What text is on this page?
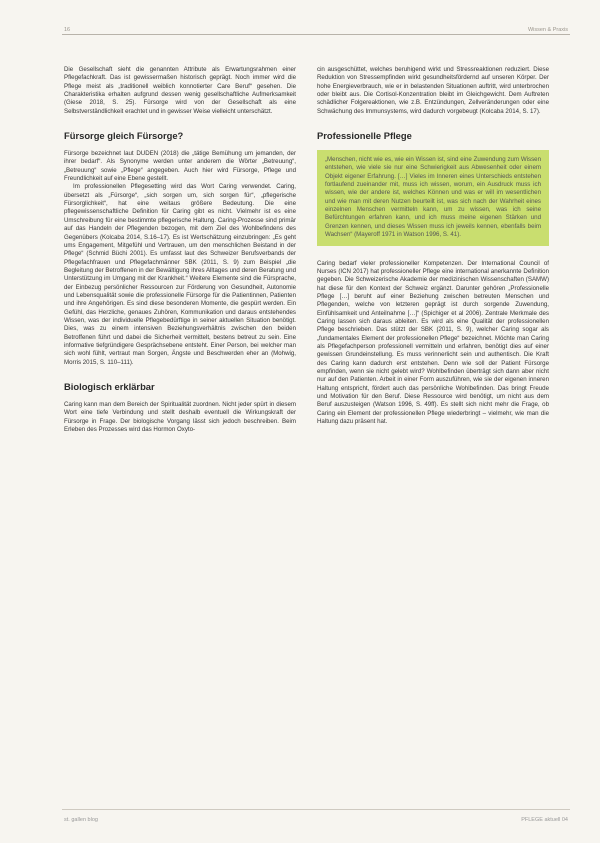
16	Wissen & Praxis

Die Gesellschaft sieht die genannten Attribute als Erwartungsrahmen einer Pflegefachkraft. Das ist gewissermaßen historisch geprägt. Noch immer wird die Pflege meist als „traditionell weiblich konnotierter Care Beruf“ gesehen. Die Charakteristika erhalten aufgrund dessen wenig gesellschaftliche Aufmerksamkeit (Giese 2018, S. 25). Fürsorge wird von der Gesellschaft als eine Selbstverständlichkeit erachtet und in gewisser Weise vielleicht unterschätzt.

Fürsorge gleich Fürsorge?

Fürsorge bezeichnet laut DUDEN (2018) die „tätige Bemühung um jemanden, der ihrer bedarf“. Als Synonyme werden unter anderem die Wörter „Betreuung“, „Betreuung“ sowie „Pflege“ angegeben. Auch hier wird Fürsorge, Pflege und Freundlichkeit auf eine Ebene gestellt.

Im professionellen Pflegesetting wird das Wort Caring verwendet. Caring, übersetzt als „Fürsorge“, „sich sorgen um, sich sorgen für“, „pflegerische Fürsorglichkeit“, hat eine weitaus größere Bedeutung. Die eine pflegewissenschaftliche Definition für Caring gibt es nicht. Vielmehr ist es eine Umschreibung für eine bestimmte pflegerische Haltung. Caring-Prozesse sind primär auf das Handeln der Pflegenden bezogen, mit dem Ziel des Wohlbefindens des Gegenübers (Kolcaba 2014, S.16–17). Es ist Wertschätzung einzubringen: „Es geht ums Engagement, Mitgefühl und Vertrauen, um den menschlichen Beistand in der Pflege“ (Schmid Büchi 2001). Es umfasst laut des Schweizer Berufsverbands der Pflegefachfrauen und Pflegefachmänner SBK (2011, S. 9) zum Beispiel „die Begleitung der Betroffenen in der Bewältigung ihres Alltages und deren Beratung und Unterstützung im Umgang mit der Krankheit.“ Weitere Elemente sind die Fürsprache, der Einbezug persönlicher Ressourcen zur Förderung von Gesundheit, Autonomie und Lebensqualität sowie die professionelle Fürsorge für die Patientinnen, Patienten und ihre Angehörigen. Es sind diese besonderen Momente, die gespürt werden. Ein Gefühl, das Herzliche, genaues Zuhören, Kommunikation und daraus entstehendes Wissen, was der individuelle Pflegebedürftige in seiner aktuellen Situation benötigt. Dies, was zu einem intensiven Beziehungsverhältnis zwischen den beiden Betroffenen führt und dabei die Sicherheit vermittelt, bestens betreut zu sein. Eine informative tiefgründigere Gesprächsebene entsteht. Einer Person, bei welcher man sich wohl fühlt, vertraut man Sorgen, Ängste und Beschwerden eher an (Mohwig, Morris 2015, S. 110–111).

Biologisch erklärbar

Caring kann man dem Bereich der Spiritualität zuordnen. Nicht jeder spürt in diesem Wort eine tiefe Verbindung und stellt deshalb eventuell die Wirkungskraft der Fürsorge in Frage. Der biologische Vorgang lässt sich jedoch beschreiben. Beim Erleben des Prozesses wird das Hormon Oxyto-

cin ausgeschüttet, welches beruhigend wirkt und Stressreaktionen reduziert. Diese Reduktion von Stressempfinden wirkt gesundheitsfördernd auf unseren Körper. Der hohe Energieverbrauch, wie er in belastenden Situationen auftritt, wird unterbrochen oder bleibt aus. Die Cortisol-Konzentration bleibt im Gleichgewicht. Dem Auftreten schädlicher Folgereaktionen, wie z.B. Entzündungen, Zellveränderungen oder eine Schwächung des Immunsystems, wird dadurch vorgebeugt (Kolcaba 2014, S. 17).

Professionelle Pflege

„Menschen, nicht wie es, wie ein Wissen ist, sind eine Zuwendung zum Wissen entstehen, wie viele sie nur eine Schwierigkeit aus Abwesenheit oder einem Objekt eigener Erfahrung. […] Vieles im Inneren eines Unterschieds entstehen fortlaufend zueinander mit, muss ich wissen, worum, ein Ausdruck muss ich wissen, wie der andere ist, welches Können und was er will im wesentlichen und wie man mit deren Nutzen beurteilt ist, was sich nach der Wahrheit eines einzelnen Menschen vermitteln kann, um zu wissen, was ich seine Befürchtungen erfahren kann, und ich muss meine eigenen Stärken und Grenzen kennen, und dieses Wissen muss ich jeweils kennen, ebenfalls beim Wachsen“ (Mayeroff 1971 in Watson 1996, S. 41).

Caring bedarf vieler professioneller Kompetenzen. Der International Council of Nurses (ICN 2017) hat professioneller Pflege eine international anerkannte Definition gegeben. Die Schweizerische Akademie der medizinischen Wissenschaften (SAMW) hat diese für den Kontext der Schweiz ergänzt. Darunter gehören „Professionelle Pflege […] beruht auf einer Beziehung zwischen betreuten Menschen und Pflegenden, welche von letzteren geprägt ist durch sorgende Zuwendung, Einfühlsamkeit und Anteilnahme […]“ (Spichiger et al 2006). Zentrale Merkmale des Caring lassen sich daraus ableiten. Es wird als eine Qualität der professionellen Pflege beschrieben. Das stützt der SBK (2011, S. 9), welcher Caring sogar als „fundamentales Element der professionellen Pflege“ bezeichnet. Möchte man Caring als Pflegefachperson professionell vermitteln und erfahren, benötigt dies auf einer gewissen Grundeinstellung. Es muss verinnerlicht sein und authentisch. Die Kraft des Caring kann dadurch erst entstehen. Denn wie soll der Patient Fürsorge empfinden, wenn sie nicht gelebt wird? Wohlbefinden überträgt sich dann aber nicht nur auf den Patienten. Arbeit in einer Form auszuführen, wie sie der eigenen inneren Haltung entspricht, fördert auch das persönliche Wohlbefinden. Das bringt Freude und Motivation für den Beruf. Diese Ressource wird benötigt, um nicht aus dem Beruf auszusteigen (Watson 1996, S. 49ff). Es stellt sich nicht mehr die Frage, ob Caring ein Element der professionellen Pflege wiederbringt – vielmehr, wie man die Haltung dazu präsent hat.

st. gallen blog	PFLEGE aktuell 04
